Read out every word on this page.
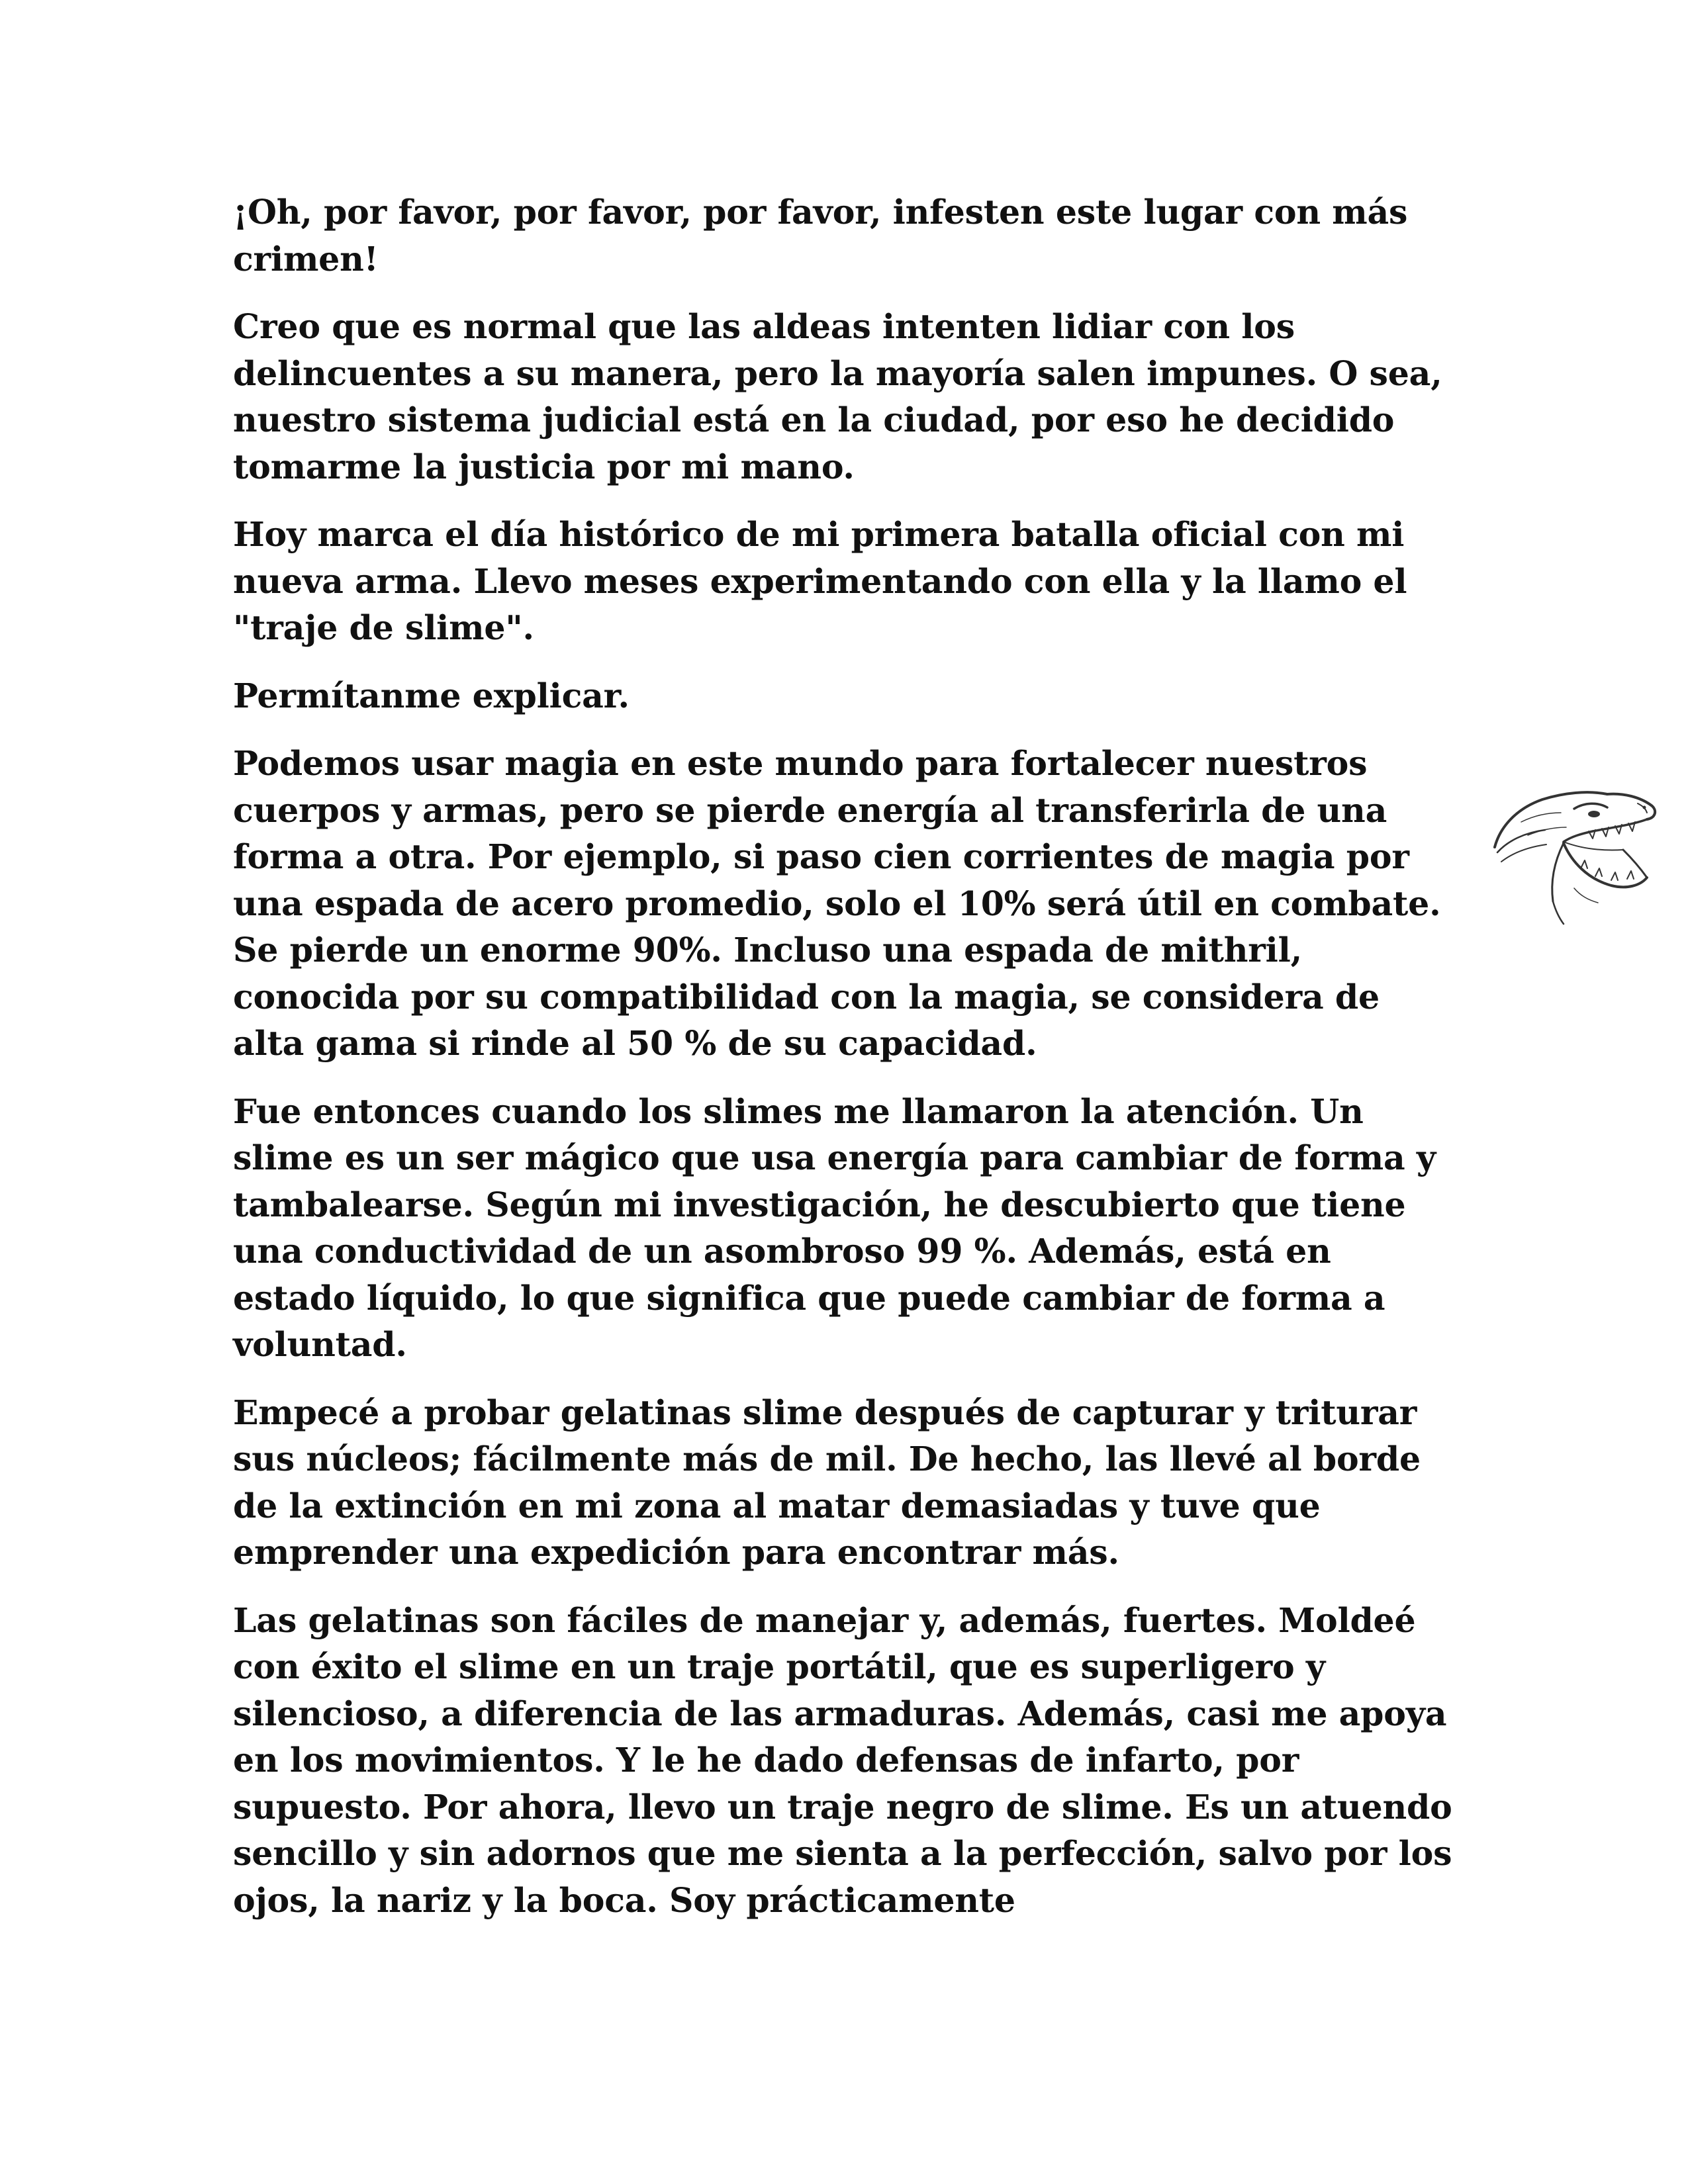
¡Oh, por favor, por favor, por favor, infesten este lugar con más crimen!

Creo que es normal que las aldeas intenten lidiar con los delincuentes a su manera, pero la mayoría salen impunes. O sea, nuestro sistema judicial está en la ciudad, por eso he decidido tomarme la justicia por mi mano.

Hoy marca el día histórico de mi primera batalla oficial con mi nueva arma. Llevo meses experimentando con ella y la llamo el "traje de slime".

Permítanme explicar.

Podemos usar magia en este mundo para fortalecer nuestros cuerpos y armas, pero se pierde energía al transferirla de una forma a otra. Por ejemplo, si paso cien corrientes de magia por una espada de acero promedio, solo el 10% será útil en combate. Se pierde un enorme 90%. Incluso una espada de mithril, conocida por su compatibilidad con la magia, se considera de alta gama si rinde al 50 % de su capacidad.

Fue entonces cuando los slimes me llamaron la atención. Un slime es un ser mágico que usa energía para cambiar de forma y tambalearse. Según mi investigación, he descubierto que tiene una conductividad de un asombroso 99 %. Además, está en estado líquido, lo que significa que puede cambiar de forma a voluntad.

Empecé a probar gelatinas slime después de capturar y triturar sus núcleos; fácilmente más de mil. De hecho, las llevé al borde de la extinción en mi zona al matar demasiadas y tuve que emprender una expedición para encontrar más.

Las gelatinas son fáciles de manejar y, además, fuertes. Moldeé con éxito el slime en un traje portátil, que es superligero y silencioso, a diferencia de las armaduras. Además, casi me apoya en los movimientos. Y le he dado defensas de infarto, por supuesto. Por ahora, llevo un traje negro de slime. Es un atuendo sencillo y sin adornos que me sienta a la perfección, salvo por los ojos, la nariz y la boca. Soy prácticamente
